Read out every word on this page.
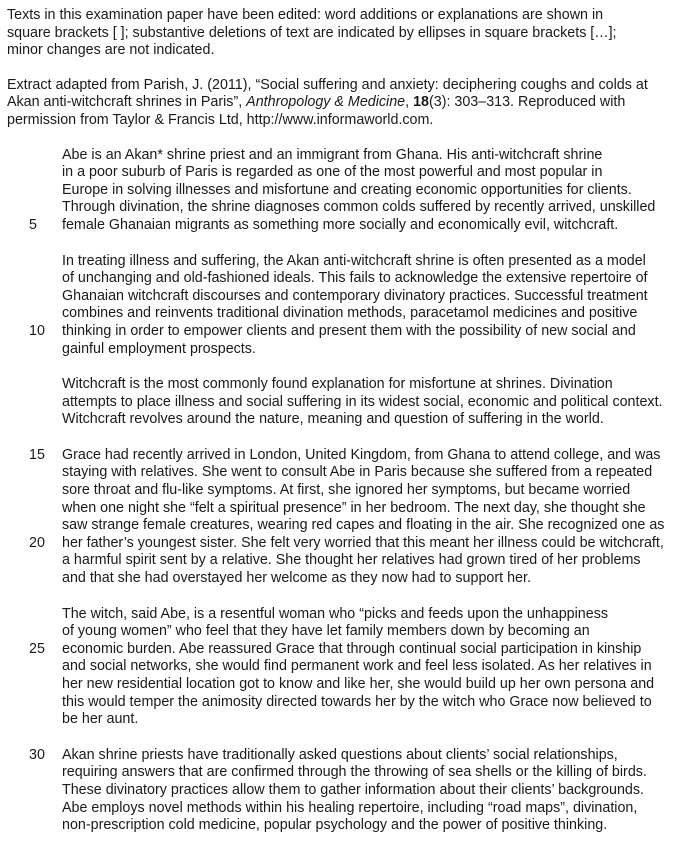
Texts in this examination paper have been edited: word additions or explanations are shown in

square brackets [ ]; substantive deletions of text are indicated by ellipses in square brackets […];

minor changes are not indicated.

Extract adapted from Parish, J. (2011), “Social suffering and anxiety: deciphering coughs and colds at

Akan anti-witchcraft shrines in Paris”, Anthropology & Medicine, 18(3): 303–313. Reproduced with

permission from Taylor & Francis Ltd, http://www.informaworld.com.

Abe is an Akan* shrine priest and an immigrant from Ghana. His anti-witchcraft shrine
in a poor suburb of Paris is regarded as one of the most powerful and most popular in
Europe in solving illnesses and misfortune and creating economic opportunities for clients.
Through divination, the shrine diagnoses common colds suffered by recently arrived, unskilled
5	female Ghanaian migrants as something more socially and economically evil, witchcraft.
In treating illness and suffering, the Akan anti-witchcraft shrine is often presented as a model
of unchanging and old-fashioned ideals. This fails to acknowledge the extensive repertoire of
Ghanaian witchcraft discourses and contemporary divinatory practices. Successful treatment
combines and reinvents traditional divination methods, paracetamol medicines and positive
10	thinking in order to empower clients and present them with the possibility of new social and
gainful employment prospects.
Witchcraft is the most commonly found explanation for misfortune at shrines. Divination
attempts to place illness and social suffering in its widest social, economic and political context.
Witchcraft revolves around the nature, meaning and question of suffering in the world.
15	Grace had recently arrived in London, United Kingdom, from Ghana to attend college, and was
staying with relatives. She went to consult Abe in Paris because she suffered from a repeated
sore throat and flu-like symptoms. At first, she ignored her symptoms, but became worried
when one night she “felt a spiritual presence” in her bedroom. The next day, she thought she
saw strange female creatures, wearing red capes and floating in the air. She recognized one as
20	her father’s youngest sister. She felt very worried that this meant her illness could be witchcraft,
a harmful spirit sent by a relative. She thought her relatives had grown tired of her problems
and that she had overstayed her welcome as they now had to support her.
The witch, said Abe, is a resentful woman who “picks and feeds upon the unhappiness
of young women” who feel that they have let family members down by becoming an
25	economic burden. Abe reassured Grace that through continual social participation in kinship
and social networks, she would find permanent work and feel less isolated. As her relatives in
her new residential location got to know and like her, she would build up her own persona and
this would temper the animosity directed towards her by the witch who Grace now believed to
be her aunt.
30	Akan shrine priests have traditionally asked questions about clients’ social relationships,
requiring answers that are confirmed through the throwing of sea shells or the killing of birds.
These divinatory practices allow them to gather information about their clients’ backgrounds.
Abe employs novel methods within his healing repertoire, including “road maps”, divination,
non-prescription cold medicine, popular psychology and the power of positive thinking.
